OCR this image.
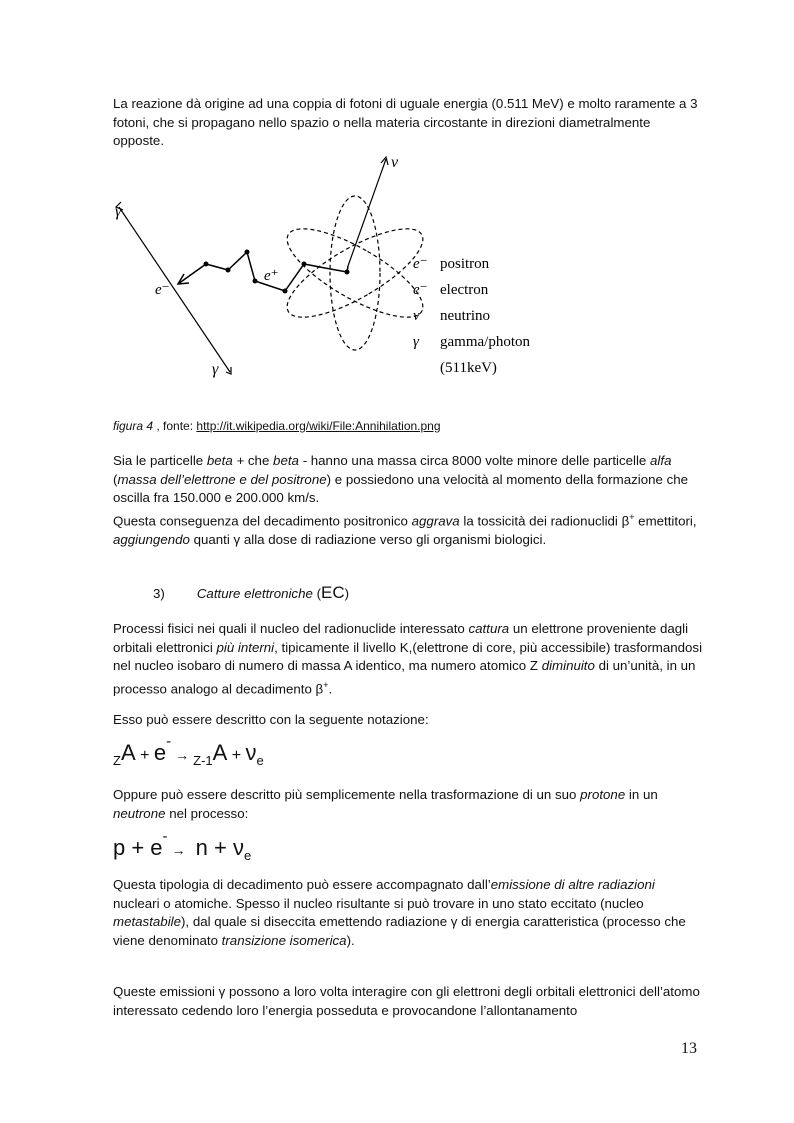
La reazione dà origine ad una coppia di fotoni di uguale energia (0.511 MeV) e molto raramente a 3 fotoni, che si propagano nello spazio o nella materia circostante in direzioni diametralmente opposte.
γ
γ
ν
e⁻
e⁺
e⁻ positron
e⁻ electron
ν neutrino
γ gamma/photon
(511keV)
figura 4 , fonte: http://it.wikipedia.org/wiki/File:Annihilation.png
Sia le particelle beta + che beta - hanno una massa circa 8000 volte minore delle particelle alfa (massa dell’elettrone e del positrone) e possiedono una velocità al momento della formazione che oscilla fra 150.000 e 200.000 km/s.
Questa conseguenza del decadimento positronico aggrava la tossicità dei radionuclidi β+ emettitori, aggiungendo quanti γ alla dose di radiazione verso gli organismi biologici.
3) Catture elettroniche (EC)
Processi fisici nei quali il nucleo del radionuclide interessato cattura un elettrone proveniente dagli orbitali elettronici più interni, tipicamente il livello K,(elettrone di core, più accessibile) trasformandosi nel nucleo isobaro di numero di massa A identico, ma numero atomico Z diminuito di un’unità, in un processo analogo al decadimento β+.
Esso può essere descritto con la seguente notazione:
$_ZA + e-\to _{Z-1}A + \nu_e$
Oppure può essere descritto più semplicemente nella trasformazione di un suo protone in un neutrone nel processo:
$p + e-\to n + \nu_e$
Questa tipologia di decadimento può essere accompagnato dall’emissione di altre radiazioni nucleari o atomiche. Spesso il nucleo risultante si può trovare in uno stato eccitato (nucleo metastabile), dal quale si diseccita emettendo radiazione γ di energia caratteristica (processo che viene denominato transizione isomerica).
Queste emissioni γ possono a loro volta interagire con gli elettroni degli orbitali elettronici dell’atomo interessato cedendo loro l’energia posseduta e provocandone l’allontanamento
13
